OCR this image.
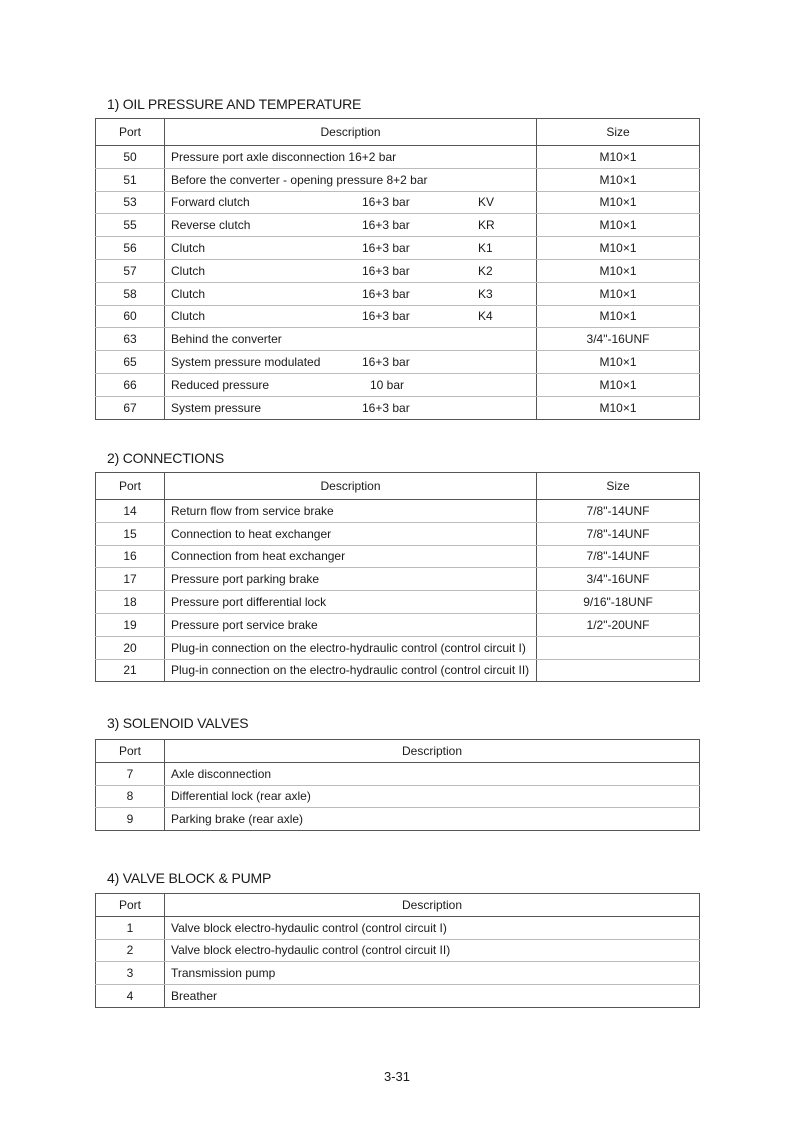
1) OIL PRESSURE AND TEMPERATURE
Port	Description	Size
50	Pressure port axle disconnection 16+2 bar	M10×1
51	Before the converter - opening pressure 8+2 bar	M10×1
53	Forward clutch 16+3 bar KV	M10×1
55	Reverse clutch 16+3 bar KR	M10×1
56	Clutch 16+3 bar K1	M10×1
57	Clutch 16+3 bar K2	M10×1
58	Clutch 16+3 bar K3	M10×1
60	Clutch 16+3 bar K4	M10×1
63	Behind the converter	3/4"-16UNF
65	System pressure modulated 16+3 bar	M10×1
66	Reduced pressure 10 bar	M10×1
67	System pressure 16+3 bar	M10×1
2) CONNECTIONS
Port	Description	Size
14	Return flow from service brake	7/8"-14UNF
15	Connection to heat exchanger	7/8"-14UNF
16	Connection from heat exchanger	7/8"-14UNF
17	Pressure port parking brake	3/4"-16UNF
18	Pressure port differential lock	9/16"-18UNF
19	Pressure port service brake	1/2"-20UNF
20	Plug-in connection on the electro-hydraulic control (control circuit I)	
21	Plug-in connection on the electro-hydraulic control (control circuit II)	
3) SOLENOID VALVES
Port	Description
7	Axle disconnection
8	Differential lock (rear axle)
9	Parking brake (rear axle)
4) VALVE BLOCK & PUMP
Port	Description
1	Valve block electro-hydaulic control (control circuit I)
2	Valve block electro-hydaulic control (control circuit II)
3	Transmission pump
4	Breather
3-31
